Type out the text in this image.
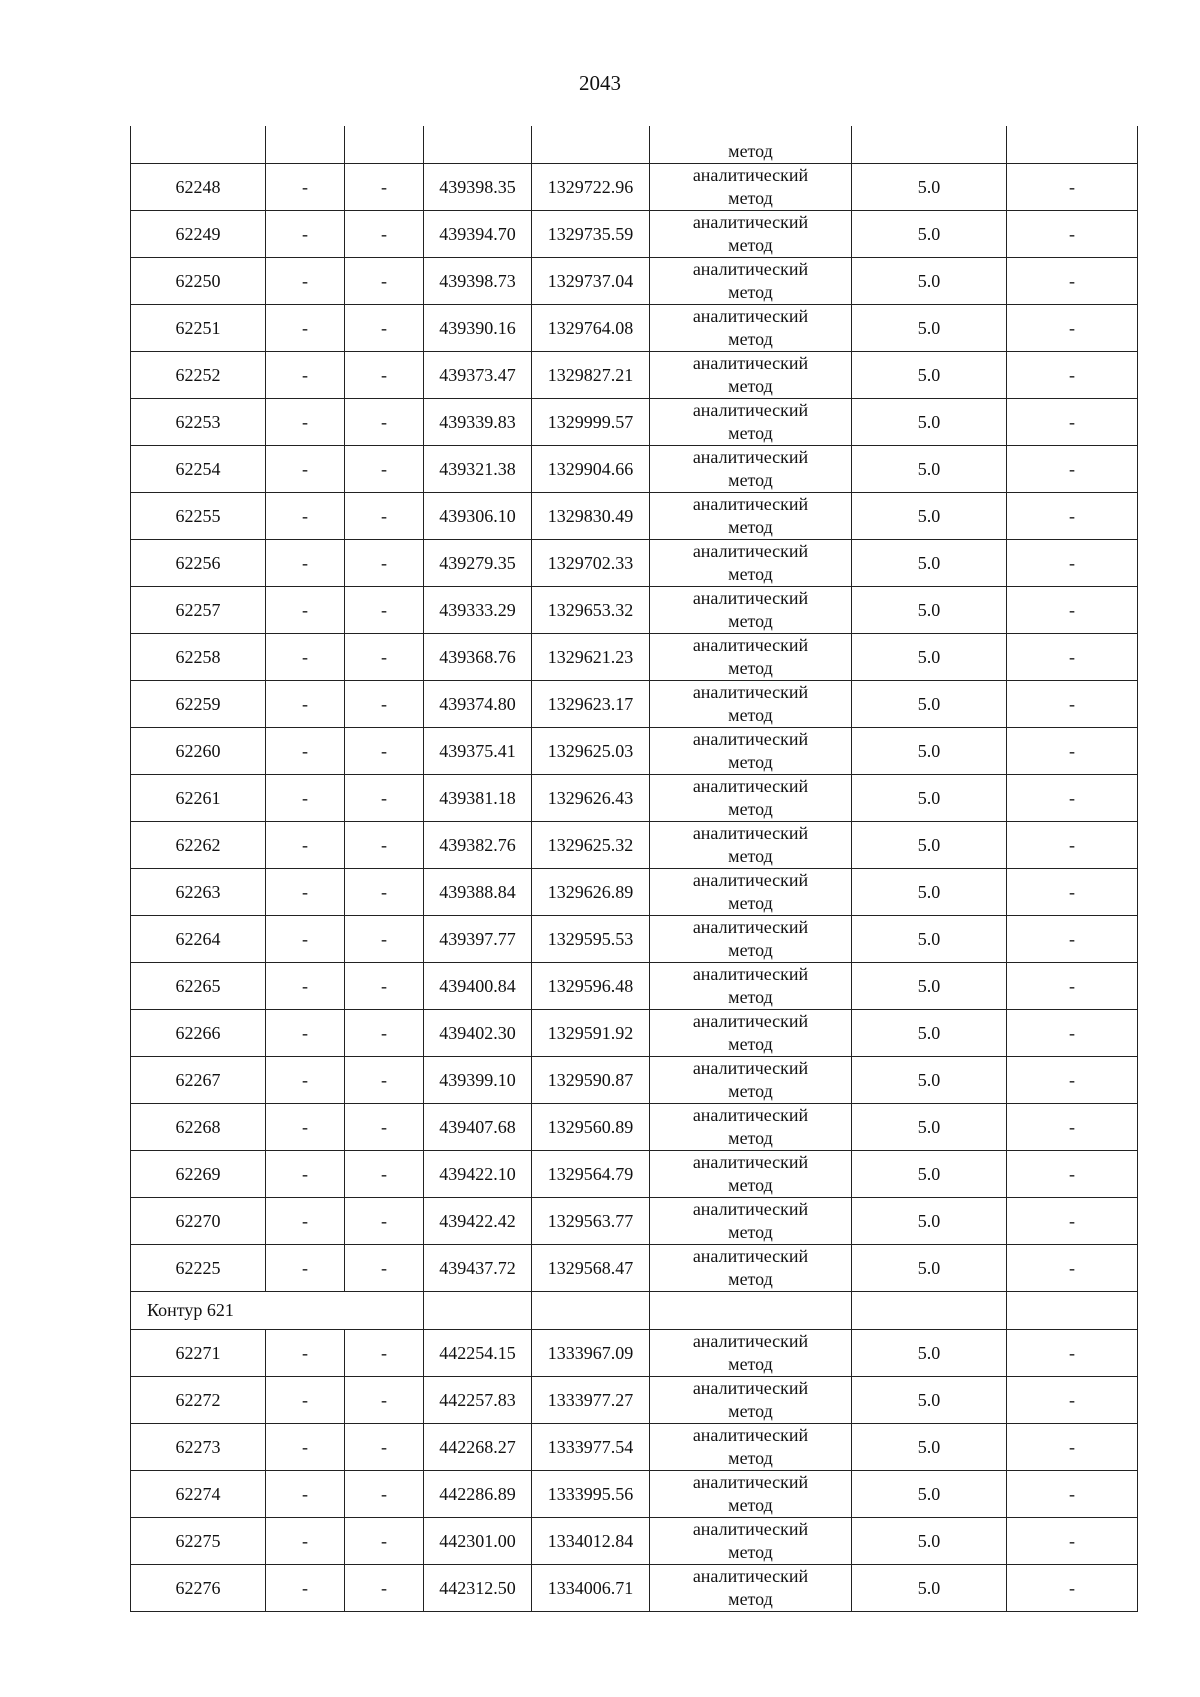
2043
					метод		
62248	-	-	439398.35	1329722.96	аналитический
метод	5.0	-
62249	-	-	439394.70	1329735.59	аналитический
метод	5.0	-
62250	-	-	439398.73	1329737.04	аналитический
метод	5.0	-
62251	-	-	439390.16	1329764.08	аналитический
метод	5.0	-
62252	-	-	439373.47	1329827.21	аналитический
метод	5.0	-
62253	-	-	439339.83	1329999.57	аналитический
метод	5.0	-
62254	-	-	439321.38	1329904.66	аналитический
метод	5.0	-
62255	-	-	439306.10	1329830.49	аналитический
метод	5.0	-
62256	-	-	439279.35	1329702.33	аналитический
метод	5.0	-
62257	-	-	439333.29	1329653.32	аналитический
метод	5.0	-
62258	-	-	439368.76	1329621.23	аналитический
метод	5.0	-
62259	-	-	439374.80	1329623.17	аналитический
метод	5.0	-
62260	-	-	439375.41	1329625.03	аналитический
метод	5.0	-
62261	-	-	439381.18	1329626.43	аналитический
метод	5.0	-
62262	-	-	439382.76	1329625.32	аналитический
метод	5.0	-
62263	-	-	439388.84	1329626.89	аналитический
метод	5.0	-
62264	-	-	439397.77	1329595.53	аналитический
метод	5.0	-
62265	-	-	439400.84	1329596.48	аналитический
метод	5.0	-
62266	-	-	439402.30	1329591.92	аналитический
метод	5.0	-
62267	-	-	439399.10	1329590.87	аналитический
метод	5.0	-
62268	-	-	439407.68	1329560.89	аналитический
метод	5.0	-
62269	-	-	439422.10	1329564.79	аналитический
метод	5.0	-
62270	-	-	439422.42	1329563.77	аналитический
метод	5.0	-
62225	-	-	439437.72	1329568.47	аналитический
метод	5.0	-
Контур 621							
62271	-	-	442254.15	1333967.09	аналитический
метод	5.0	-
62272	-	-	442257.83	1333977.27	аналитический
метод	5.0	-
62273	-	-	442268.27	1333977.54	аналитический
метод	5.0	-
62274	-	-	442286.89	1333995.56	аналитический
метод	5.0	-
62275	-	-	442301.00	1334012.84	аналитический
метод	5.0	-
62276	-	-	442312.50	1334006.71	аналитический
метод	5.0	-
